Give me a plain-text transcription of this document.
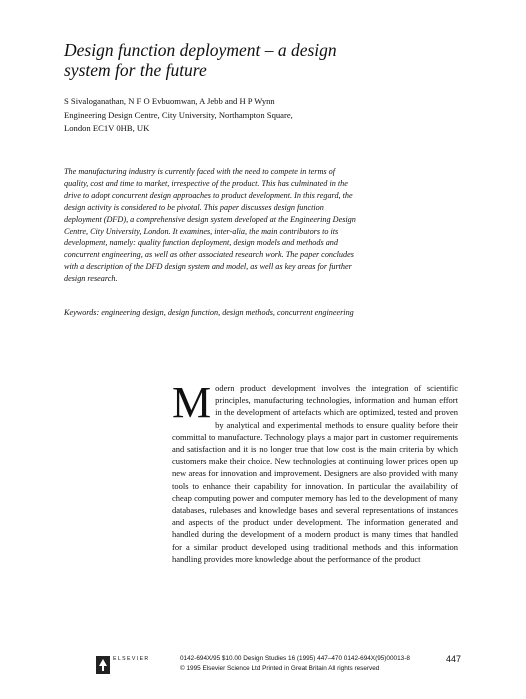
Design function deployment – a design
system for the future
S Sivaloganathan, N F O Evbuomwan, A Jebb and H P Wynn
Engineering Design Centre, City University, Northampton Square,
London EC1V 0HB, UK
The manufacturing industry is currently faced with the need to compete in terms of quality, cost and time to market, irrespective of the product. This has culminated in the drive to adopt concurrent design approaches to product development. In this regard, the design activity is considered to be pivotal. This paper discusses design function deployment (DFD), a comprehensive design system developed at the Engineering Design Centre, City University, London. It examines, inter-alia, the main contributors to its development, namely: quality function deployment, design models and methods and concurrent engineering, as well as other associated research work. The paper concludes with a description of the DFD design system and model, as well as key areas for further design research.
Keywords: engineering design, design function, design methods, concurrent engineering
M odern product development involves the integration of scientific principles, manufacturing technologies, information and human effort in the development of artefacts which are optimized, tested and proven by analytical and experimental methods to ensure quality before their committal to manufacture. Technology plays a major part in customer requirements and satisfaction and it is no longer true that low cost is the main criteria by which customers make their choice. New technologies at continuing lower prices open up new areas for innovation and improvement. Designers are also provided with many tools to enhance their capability for innovation. In particular the availability of cheap computing power and computer memory has led to the development of many databases, rulebases and knowledge bases and several representations of instances and aspects of the product under development. The information generated and handled during the development of a modern product is many times that handled for a similar product developed using traditional methods and this information handling provides more knowledge about the performance of the product
ELSEVIER	0142-694X/95 $10.00 Design Studies 16 (1995) 447–470 0142-694X(95)00013-8
© 1995 Elsevier Science Ltd Printed in Great Britain All rights reserved
447
